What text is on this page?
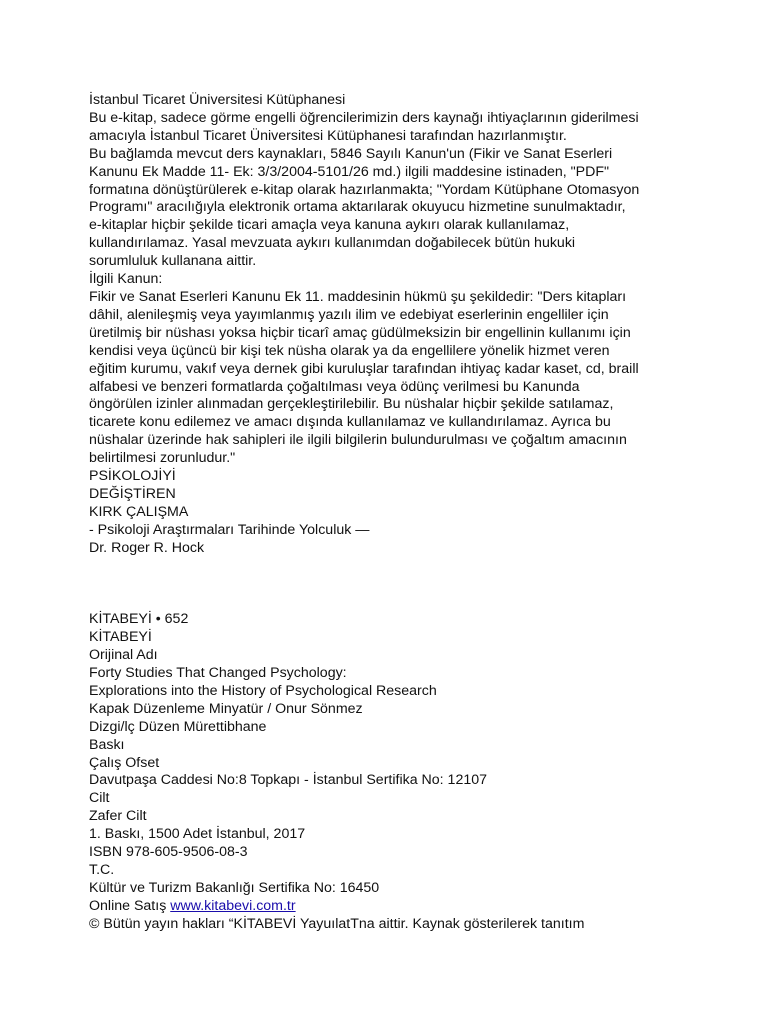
İstanbul Ticaret Üniversitesi Kütüphanesi
Bu e-kitap, sadece görme engelli öğrencilerimizin ders kaynağı ihtiyaçlarının giderilmesi
amacıyla İstanbul Ticaret Üniversitesi Kütüphanesi tarafından hazırlanmıştır.
Bu bağlamda mevcut ders kaynakları, 5846 Sayılı Kanun'un (Fikir ve Sanat Eserleri
Kanunu Ek Madde 11- Ek: 3/3/2004-5101/26 md.) ilgili maddesine istinaden, "PDF"
formatına dönüştürülerek e-kitap olarak hazırlanmakta; "Yordam Kütüphane Otomasyon
Programı" aracılığıyla elektronik ortama aktarılarak okuyucu hizmetine sunulmaktadır,
e-kitaplar hiçbir şekilde ticari amaçla veya kanuna aykırı olarak kullanılamaz,
kullandırılamaz. Yasal mevzuata aykırı kullanımdan doğabilecek bütün hukuki
sorumluluk kullanana aittir.
İlgili Kanun:
Fikir ve Sanat Eserleri Kanunu Ek 11. maddesinin hükmü şu şekildedir: "Ders kitapları
dâhil, alenileşmiş veya yayımlanmış yazılı ilim ve edebiyat eserlerinin engelliler için
üretilmiş bir nüshası yoksa hiçbir ticarî amaç güdülmeksizin bir engellinin kullanımı için
kendisi veya üçüncü bir kişi tek nüsha olarak ya da engellilere yönelik hizmet veren
eğitim kurumu, vakıf veya dernek gibi kuruluşlar tarafından ihtiyaç kadar kaset, cd, braill
alfabesi ve benzeri formatlarda çoğaltılması veya ödünç verilmesi bu Kanunda
öngörülen izinler alınmadan gerçekleştirilebilir. Bu nüshalar hiçbir şekilde satılamaz,
ticarete konu edilemez ve amacı dışında kullanılamaz ve kullandırılamaz. Ayrıca bu
nüshalar üzerinde hak sahipleri ile ilgili bilgilerin bulundurulması ve çoğaltım amacının
belirtilmesi zorunludur."
PSİKOLOJİYİ
DEĞİŞTİREN
KIRK ÇALIŞMA
- Psikoloji Araştırmaları Tarihinde Yolculuk —
Dr. Roger R. Hock
KİTABEYİ • 652
KİTABEYİ
Orijinal Adı
Forty Studies That Changed Psychology:
Explorations into the History of Psychological Research
Kapak Düzenleme Minyatür / Onur Sönmez
Dizgi/lç Düzen Mürettibhane
Baskı
Çalış Ofset
Davutpaşa Caddesi No:8 Topkapı - İstanbul Sertifika No: 12107
Cilt
Zafer Cilt
1. Baskı, 1500 Adet İstanbul, 2017
ISBN 978-605-9506-08-3
T.C.
Kültür ve Turizm Bakanlığı Sertifika No: 16450
Online Satış www.kitabevi.com.tr
© Bütün yayın hakları “KİTABEVİ YayuılatTna aittir. Kaynak gösterilerek tanıtım
